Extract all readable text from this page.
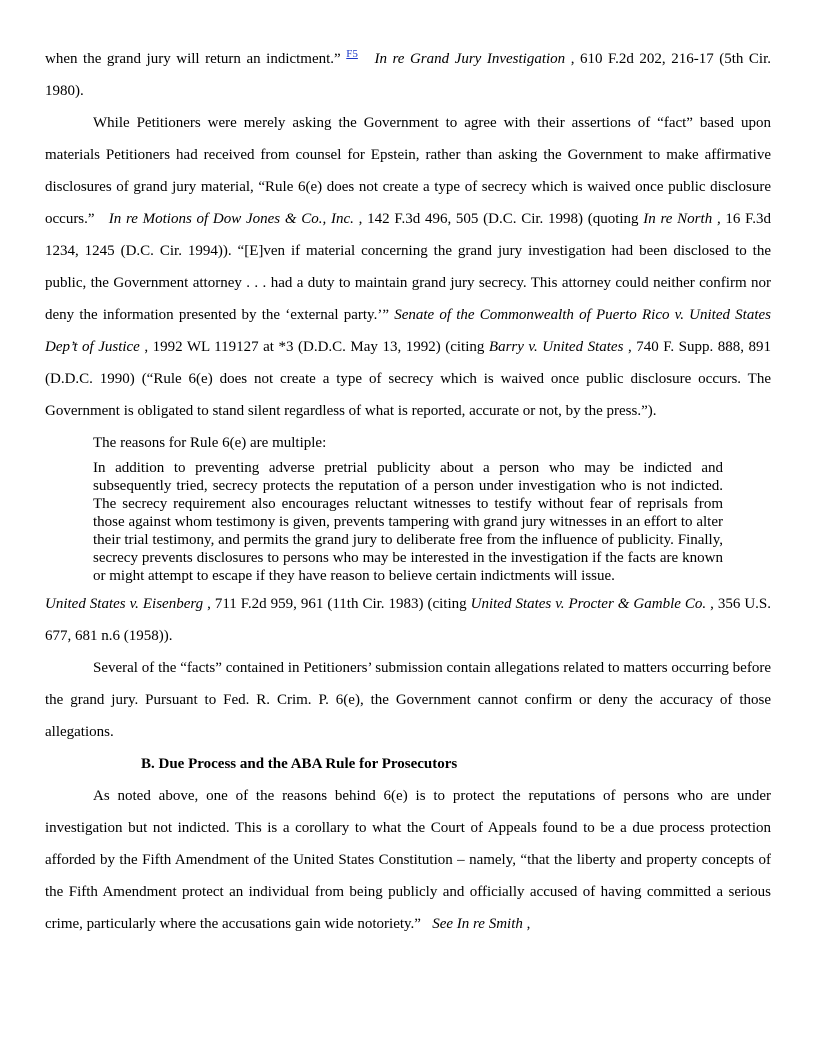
when the grand jury will return an indictment.” $^{F5}$ In re Grand Jury Investigation , 610 F.2d 202, 216-17 (5th Cir. 1980).

While Petitioners were merely asking the Government to agree with their assertions of “fact” based upon materials Petitioners had received from counsel for Epstein, rather than asking the Government to make affirmative disclosures of grand jury material, “Rule 6(e) does not create a type of secrecy which is waived once public disclosure occurs.” In re Motions of Dow Jones & Co., Inc. , 142 F.3d 496, 505 (D.C. Cir. 1998) (quoting In re North , 16 F.3d 1234, 1245 (D.C. Cir. 1994)). “[E]ven if material concerning the grand jury investigation had been disclosed to the public, the Government attorney . . . had a duty to maintain grand jury secrecy. This attorney could neither confirm nor deny the information presented by the ‘external party.’” Senate of the Commonwealth of Puerto Rico v. United States Dep’t of Justice , 1992 WL 119127 at *3 (D.D.C. May 13, 1992) (citing Barry v. United States , 740 F. Supp. 888, 891 (D.D.C. 1990) (“Rule 6(e) does not create a type of secrecy which is waived once public disclosure occurs. The Government is obligated to stand silent regardless of what is reported, accurate or not, by the press.”).

The reasons for Rule 6(e) are multiple:

In addition to preventing adverse pretrial publicity about a person who may be indicted and subsequently tried, secrecy protects the reputation of a person under investigation who is not indicted. The secrecy requirement also encourages reluctant witnesses to testify without fear of reprisals from those against whom testimony is given, prevents tampering with grand jury witnesses in an effort to alter their trial testimony, and permits the grand jury to deliberate free from the influence of publicity. Finally, secrecy prevents disclosures to persons who may be interested in the investigation if the facts are known or might attempt to escape if they have reason to believe certain indictments will issue.

United States v. Eisenberg , 711 F.2d 959, 961 (11th Cir. 1983) (citing United States v. Procter & Gamble Co. , 356 U.S. 677, 681 n.6 (1958)).

Several of the “facts” contained in Petitioners’ submission contain allegations related to matters occurring before the grand jury. Pursuant to Fed. R. Crim. P. 6(e), the Government cannot confirm or deny the accuracy of those allegations.

B. Due Process and the ABA Rule for Prosecutors

As noted above, one of the reasons behind 6(e) is to protect the reputations of persons who are under investigation but not indicted. This is a corollary to what the Court of Appeals found to be a due process protection afforded by the Fifth Amendment of the United States Constitution – namely, “that the liberty and property concepts of the Fifth Amendment protect an individual from being publicly and officially accused of having committed a serious crime, particularly where the accusations gain wide notoriety.” See In re Smith ,
